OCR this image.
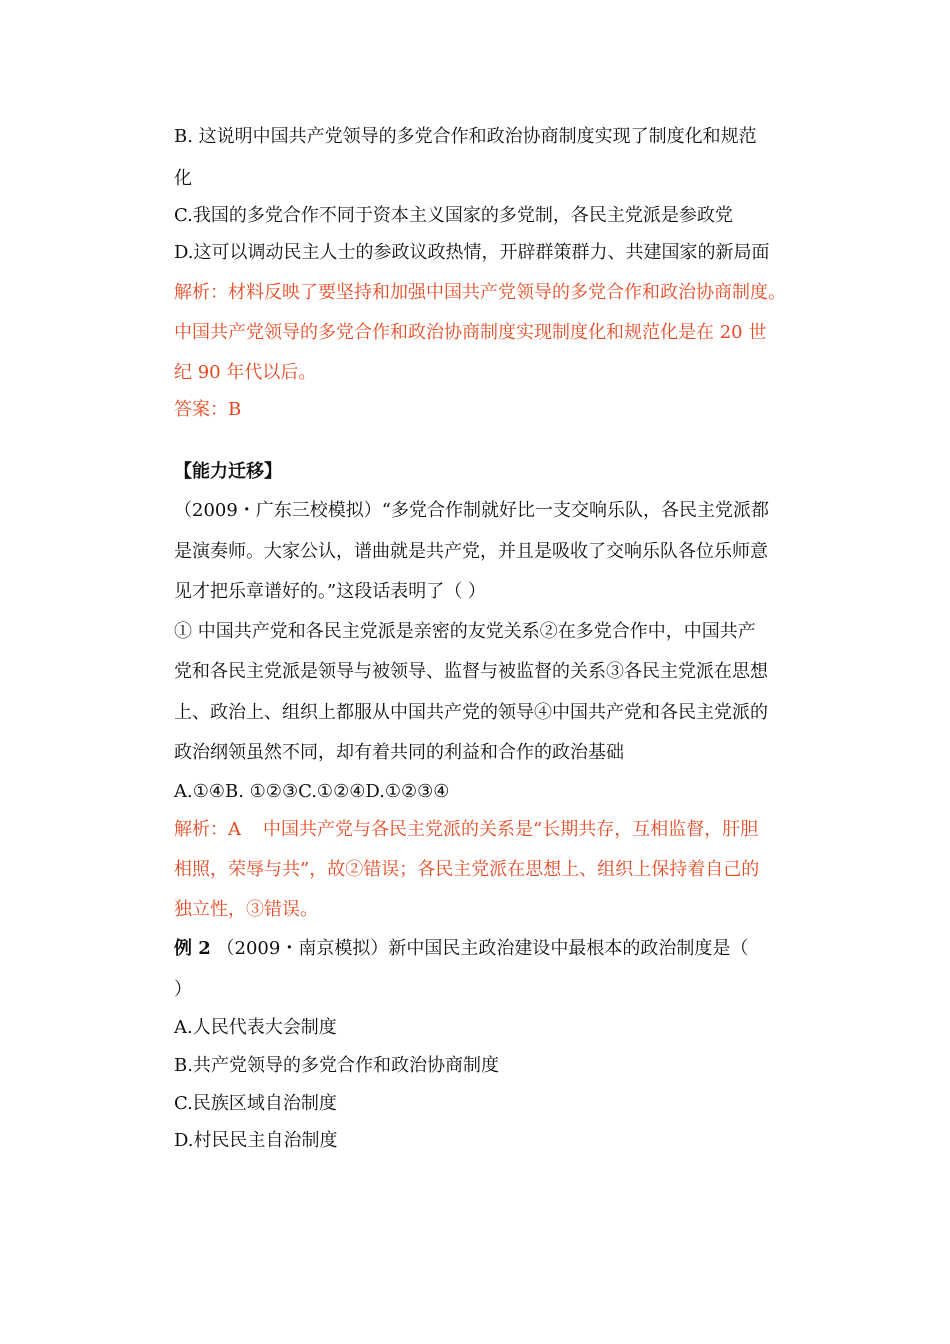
B. 这说明中国共产党领导的多党合作和政治协商制度实现了制度化和规范
化
C.我国的多党合作不同于资本主义国家的多党制，各民主党派是参政党
D.这可以调动民主人士的参政议政热情，开辟群策群力、共建国家的新局面
解析：材料反映了要坚持和加强中国共产党领导的多党合作和政治协商制度。
中国共产党领导的多党合作和政治协商制度实现制度化和规范化是在 20 世
纪 90 年代以后。
答案：B
【能力迁移】
（2009・广东三校模拟）“多党合作制就好比一支交响乐队，各民主党派都
是演奏师。大家公认，谱曲就是共产党，并且是吸收了交响乐队各位乐师意
见才把乐章谱好的。”这段话表明了（ ）
① 中国共产党和各民主党派是亲密的友党关系②在多党合作中，中国共产
党和各民主党派是领导与被领导、监督与被监督的关系③各民主党派在思想
上、政治上、组织上都服从中国共产党的领导④中国共产党和各民主党派的
政治纲领虽然不同，却有着共同的利益和合作的政治基础
A.①④B. ①②③C.①②④D.①②③④
解析：A 中国共产党与各民主党派的关系是“长期共存，互相监督，肝胆
相照，荣辱与共”，故②错误；各民主党派在思想上、组织上保持着自己的
独立性，③错误。
例 2 （2009・南京模拟）新中国民主政治建设中最根本的政治制度是（
）
A.人民代表大会制度
B.共产党领导的多党合作和政治协商制度
C.民族区域自治制度
D.村民民主自治制度
